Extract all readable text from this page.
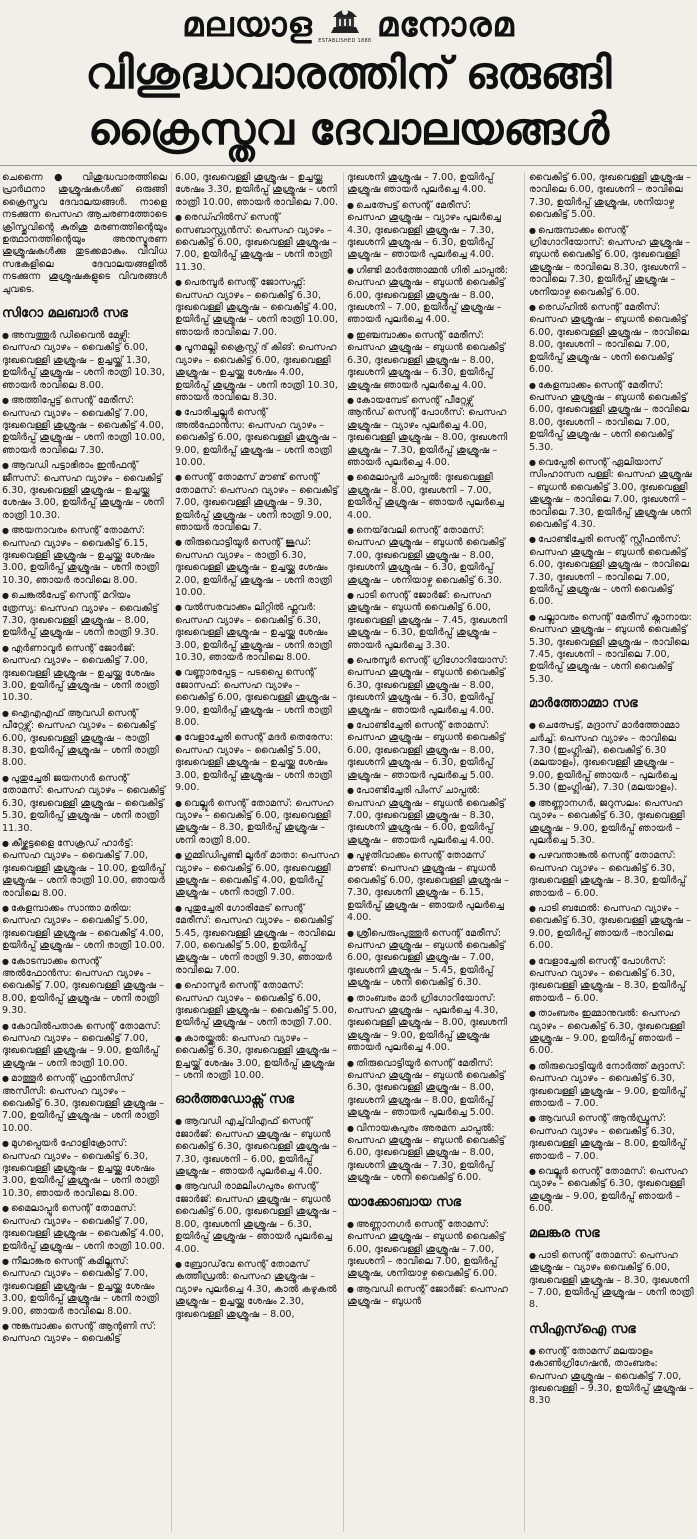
മലയാള ESTABLISHED 1888 മനോരമ
വിശുദ്ധവാരത്തിന് ഒരുങ്ങി
ക്രൈസ്തവ ദേവാലയങ്ങൾ
ചെന്നൈ ● വിശുദ്ധവാരത്തിലെ പ്രാർഥനാ ശുശ്രൂഷകൾക്ക് ഒരുങ്ങി ക്രൈസ്തവ ദേവാലയങ്ങൾ. നാളെ നടക്കുന്ന പെസഹ ആചരണത്തോടെ ക്രിസ്തുവിന്റെ കുരിശു മരണത്തിന്റെയും ഉത്ഥാനത്തിന്റെയും അനുസ്മരണ ശുശ്രൂഷകൾക്കു തുടക്കമാകും. വിവിധ സഭകളിലെ ദേവാലയങ്ങളിൽ നടക്കുന്ന ശുശ്രൂഷകളുടെ വിവരങ്ങൾ ചുവടെ.
സിറോ മലബാർ സഭ
● അമ്പത്തൂർ ഡിവൈൻ മേഴ്സി: പെസഹ വ്യാഴം – വൈകിട്ട് 6.00, ദുഃഖവെള്ളി ശുശ്രൂഷ – ഉച്ചയ്ക്ക് 1.30, ഉയിർപ്പ് ശുശ്രൂഷ – ശനി രാത്രി 10.30, ഞായർ രാവിലെ 8.00.
● അത്തിപ്പേട്ട് സെന്റ് മേരീസ്: പെസഹ വ്യാഴം – വൈകിട്ട് 7.00, ദുഃഖവെള്ളി ശുശ്രൂഷ – വൈകിട്ട് 4.00, ഉയിർപ്പ് ശുശ്രൂഷ – ശനി രാത്രി 10.00, ഞായർ രാവിലെ 7.30.
● ആവഡി പട്ടാഭിരാം ഇൻഫന്റ് ജീസസ്: പെസഹ വ്യാഴം – വൈകിട്ട് 6.30, ദുഃഖവെള്ളി ശുശ്രൂഷ – ഉച്ചയ്ക്കു ശേഷം 3.00, ഉയിർപ്പ് ശുശ്രൂഷ – ശനി രാത്രി 10.30.
● അയനാവരം സെന്റ് തോമസ്: പെസഹ വ്യാഴം – വൈകിട്ട് 6.15, ദുഃഖവെള്ളി ശുശ്രൂഷ – ഉച്ചയ്ക്കു ശേഷം 3.00, ഉയിർപ്പ് ശുശ്രൂഷ – ശനി രാത്രി 10.30, ഞായർ രാവിലെ 8.00.
● ചെങ്കൽപേട്ട് സെന്റ് മറിയം ത്രേസ്യ: പെസഹ വ്യാഴം – വൈകിട്ട് 7.30, ദുഃഖവെള്ളി ശുശ്രൂഷ – 8.00, ഉയിർപ്പ് ശുശ്രൂഷ – ശനി രാത്രി 9.30.
● എർണാവൂർ സെന്റ് ജോർജ്: പെസഹ വ്യാഴം – വൈകിട്ട് 7.00, ദുഃഖവെള്ളി ശുശ്രൂഷ – ഉച്ചയ്ക്കു ശേഷം 3.00, ഉയിർപ്പ് ശുശ്രൂഷ – ശനി രാത്രി 10.30.
● ഐഎഎഫ് ആവഡി സെന്റ് പീറ്റേഴ്സ്: പെസഹ വ്യാഴം – വൈകിട്ട് 6.00, ദുഃഖവെള്ളി ശുശ്രൂഷ – രാത്രി 8.30, ഉയിർപ്പ് ശുശ്രൂഷ – ശനി രാത്രി 8.00.
● പുതുച്ചേരി ജയനഗർ സെന്റ് തോമസ്: പെസഹ വ്യാഴം – വൈകിട്ട് 6.30, ദുഃഖവെള്ളി ശുശ്രൂഷ – വൈകിട്ട് 5.30, ഉയിർപ്പ് ശുശ്രൂഷ – ശനി രാത്രി 11.30.
● കീഴ്ക്കട്ടളൈ സേക്രഡ് ഹാർട്ട്: പെസഹ വ്യാഴം – വൈകിട്ട് 7.00, ദുഃഖവെള്ളി ശുശ്രൂഷ – 10.00, ഉയിർപ്പ് ശുശ്രൂഷ – ശനി രാത്രി 10.00, ഞായർ രാവിലെ 8.00.
● കേളമ്പാക്കം സാന്താ മരിയ: പെസഹ വ്യാഴം – വൈകിട്ട് 5.00, ദുഃഖവെള്ളി ശുശ്രൂഷ – വൈകിട്ട് 4.00, ഉയിർപ്പ് ശുശ്രൂഷ – ശനി രാത്രി 10.00.
● കോടമ്പാക്കം സെന്റ് അൽഫോൻസ: പെസഹ വ്യാഴം – വൈകിട്ട് 7.00, ദുഃഖവെള്ളി ശുശ്രൂഷ – 8.00, ഉയിർപ്പ് ശുശ്രൂഷ – ശനി രാത്രി 9.30.
● കോവിൽപതാക സെന്റ് തോമസ്: പെസഹ വ്യാഴം – വൈകിട്ട് 7.00, ദുഃഖവെള്ളി ശുശ്രൂഷ – 9.00, ഉയിർപ്പ് ശുശ്രൂഷ – ശനി രാത്രി 10.00.
● മാത്തൂർ സെന്റ് ഫ്രാൻസിസ് അസീസി: പെസഹ വ്യാഴം – വൈകിട്ട് 6.30, ദുഃഖവെള്ളി ശുശ്രൂഷ – 7.00, ഉയിർപ്പ് ശുശ്രൂഷ – ശനി രാത്രി 10.00.
● മുഗപ്പെയർ ഹോളിക്രോസ്: പെസഹ വ്യാഴം – വൈകിട്ട് 6.30, ദുഃഖവെള്ളി ശുശ്രൂഷ – ഉച്ചയ്ക്കു ശേഷം 3.00, ഉയിർപ്പ് ശുശ്രൂഷ – ശനി രാത്രി 10.30, ഞായർ രാവിലെ 8.00.
● മൈലാപ്പൂർ സെന്റ് തോമസ്: പെസഹ വ്യാഴം – വൈകിട്ട് 7.00, ദുഃഖവെള്ളി ശുശ്രൂഷ – വൈകിട്ട് 4.00, ഉയിർപ്പ് ശുശ്രൂഷ – ശനി രാത്രി 10.00.
● നീലാങ്കര സെന്റ് കമില്ലസ്: പെസഹ വ്യാഴം – വൈകിട്ട് 7.00, ദുഃഖവെള്ളി ശുശ്രൂഷ – ഉച്ചയ്ക്കു ശേഷം 3.00, ഉയിർപ്പ് ശുശ്രൂഷ – ശനി രാത്രി 9.00, ഞായർ രാവിലെ 8.00.
● നുങ്കമ്പാക്കം സെന്റ് ആന്റണി സ്: പെസഹ വ്യാഴം – വൈകിട്ട്
6.00, ദുഃഖവെള്ളി ശുശ്രൂഷ – ഉച്ചയ്ക്കു ശേഷം 3.30, ഉയിർപ്പ് ശുശ്രൂഷ – ശനി രാത്രി 10.00, ഞായർ രാവിലെ 7.00.
● രെഡ്ഹിൽസ് സെന്റ് സെബാസ്റ്റ്യൻസ്: പെസഹ വ്യാഴം – വൈകിട്ട് 6.00, ദുഃഖവെള്ളി ശുശ്രൂഷ – 7.00, ഉയിർപ്പ് ശുശ്രൂഷ – ശനി രാത്രി 11.30.
● പെരമ്പൂർ സെന്റ് ജോസഫ്സ്: പെസഹ വ്യാഴം – വൈകിട്ട് 6.30, ദുഃഖവെള്ളി ശുശ്രൂഷ – വൈകിട്ട് 4.00, ഉയിർപ്പ് ശുശ്രൂഷ – ശനി രാത്രി 10.00, ഞായർ രാവിലെ 7.00.
● പൂനമല്ലി ക്രൈസ്റ്റ് ദ് കിങ്: പെസഹ വ്യാഴം – വൈകിട്ട് 6.00, ദുഃഖവെള്ളി ശുശ്രൂഷ – ഉച്ചയ്ക്കു ശേഷം 4.00, ഉയിർപ്പ് ശുശ്രൂഷ – ശനി രാത്രി 10.30, ഞായർ രാവിലെ 8.30.
● പോരിച്ചല്ലൂർ സെന്റ് അൽഫോൻസ: പെസഹ വ്യാഴം – വൈകിട്ട് 6.00, ദുഃഖവെള്ളി ശുശ്രൂഷ – 9.00, ഉയിർപ്പ് ശുശ്രൂഷ – ശനി രാത്രി 10.00.
● സെന്റ് തോമസ് മൗണ്ട് സെന്റ് തോമസ്: പെസഹ വ്യാഴം – വൈകിട്ട് 7.00, ദുഃഖവെള്ളി ശുശ്രൂഷ – 9.30, ഉയിർപ്പ് ശുശ്രൂഷ – ശനി രാത്രി 9.00, ഞായർ രാവിലെ 7.
● തിരുവൊട്ടിയൂർ സെന്റ് ജൂഡ്: പെസഹ വ്യാഴം – രാത്രി 6.30, ദുഃഖവെള്ളി ശുശ്രൂഷ – ഉച്ചയ്ക്കു ശേഷം 2.00, ഉയിർപ്പ് ശുശ്രൂഷ – ശനി രാത്രി 10.00.
● വൽസരവാക്കം ലിറ്റിൽ ഫ്ലവർ: പെസഹ വ്യാഴം – വൈകിട്ട് 6.30, ദുഃഖവെള്ളി ശുശ്രൂഷ – ഉച്ചയ്ക്കു ശേഷം 3.00, ഉയിർപ്പ് ശുശ്രൂഷ – ശനി രാത്രി 10.30, ഞായർ രാവിലെ 8.00.
● വണ്ണാരപ്പേട്ട – പടപ്പൈ സെന്റ് ജോസഫ്: പെസഹ വ്യാഴം – വൈകിട്ട് 6.00, ദുഃഖവെള്ളി ശുശ്രൂഷ – 9.00, ഉയിർപ്പ് ശുശ്രൂഷ – ശനി രാത്രി 8.00.
● വേളാച്ചേരി സെന്റ് മദർ തെരേസ: പെസഹ വ്യാഴം – വൈകിട്ട് 5.00, ദുഃഖവെള്ളി ശുശ്രൂഷ – ഉച്ചയ്ക്കു ശേഷം 3.00, ഉയിർപ്പ് ശുശ്രൂഷ – ശനി രാത്രി 9.00.
● വെല്ലൂർ സെന്റ് തോമസ്: പെസഹ വ്യാഴം – വൈകിട്ട് 6.00, ദുഃഖവെള്ളി ശുശ്രൂഷ – 8.30, ഉയിർപ്പ് ശുശ്രൂഷ – ശനി രാത്രി 8.00.
● ഗുമ്മിഡിപൂണ്ടി ലൂർദ് മാതാ: പെസഹ വ്യാഴം – വൈകിട്ട് 6.00, ദുഃഖവെള്ളി ശുശ്രൂഷ – വൈകിട്ട് 4.00, ഉയിർപ്പ് ശുശ്രൂഷ – ശനി രാത്രി 7.00.
● പുതുച്ചേരി ഗോരിമേട് സെന്റ് മേരീസ്: പെസഹ വ്യാഴം – വൈകിട്ട് 5.45, ദുഃഖവെള്ളി ശുശ്രൂഷ – രാവിലെ 7.00, വൈകിട്ട് 5.00, ഉയിർപ്പ് ശുശ്രൂഷ – ശനി രാത്രി 9.30, ഞായർ രാവിലെ 7.00.
● ഹൊസൂർ സെന്റ് തോമസ്: പെസഹ വ്യാഴം – വൈകിട്ട് 6.00, ദുഃഖവെള്ളി ശുശ്രൂഷ – വൈകിട്ട് 5.00, ഉയിർപ്പ് ശുശ്രൂഷ – ശനി രാത്രി 7.00.
● കാരയ്ക്കൽ: പെസഹ വ്യാഴം – വൈകിട്ട് 6.30, ദുഃഖവെള്ളി ശുശ്രൂഷ – ഉച്ചയ്ക്ക് ശേഷം 3.00, ഉയിർപ്പ് ശുശ്രൂഷ – ശനി രാത്രി 10.00.
ഓർത്തഡോക്സ് സഭ
● ആവഡി എച്ച്‌വിഎഫ് സെന്റ് ജോർജ്: പെസഹ ശുശ്രൂഷ – ബുധൻ വൈകിട്ട് 6.30, ദുഃഖവെള്ളി ശുശ്രൂഷ – 7.30, ദുഃഖശനി – 6.00, ഉയിർപ്പ് ശുശ്രൂഷ – ഞായർ പുലർച്ചെ 4.00.
● ആവഡി രാമലിംഗപുരം സെന്റ് ജോർജ്: പെസഹ ശുശ്രൂഷ – ബുധൻ വൈകിട്ട് 6.00, ദുഃഖവെള്ളി ശുശ്രൂഷ – 8.00, ദുഃഖശനി ശുശ്രൂഷ – 6.30, ഉയിർപ്പ് ശുശ്രൂഷ – ഞായർ പുലർച്ചെ 4.00.
● ബ്രോഡ്‌വേ സെന്റ് തോമസ് കത്തീഡ്രൽ: പെസഹ ശുശ്രൂഷ – വ്യാഴം പുലർച്ചെ 4.30, കാൽ കഴുകൽ ശുശ്രൂഷ – ഉച്ചയ്ക്കു ശേഷം 2.30, ദുഃഖവെള്ളി ശുശ്രൂഷ – 8.00,
ദുഃഖശനി ശുശ്രൂഷ – 7.00, ഉയിർപ്പ് ശുശ്രൂഷ ഞായർ പുലർച്ചെ 4.00.
● ചെത്പേട്ട് സെന്റ് മേരീസ്: പെസഹ ശുശ്രൂഷ – വ്യാഴം പുലർച്ചെ 4.30, ദുഃഖവെള്ളി ശുശ്രൂഷ – 7.30, ദുഃഖശനി ശുശ്രൂഷ – 6.30, ഉയിർപ്പ് ശുശ്രൂഷ – ഞായർ പുലർച്ചെ 4.00.
● ഗിണ്ടി മാർത്തോമ്മൻ ഗിരി ചാപ്പൽ: പെസഹ ശുശ്രൂഷ – ബുധൻ വൈകിട്ട് 6.00, ദുഃഖവെള്ളി ശുശ്രൂഷ – 8.00, ദുഃഖശനി – 7.00, ഉയിർപ്പ് ശുശ്രൂഷ – ഞായർ പുലർച്ചെ 4.00.
● ഇഞ്ചമ്പാക്കം സെന്റ് മേരീസ്: പെസഹ ശുശ്രൂഷ – ബുധൻ വൈകിട്ട് 6.30, ദുഃഖവെള്ളി ശുശ്രൂഷ – 8.00, ദുഃഖശനി ശുശ്രൂഷ – 6.30, ഉയിർപ്പ് ശുശ്രൂഷ ഞായർ പുലർച്ചെ 4.00.
● കോയമ്പേട് സെന്റ് പീറ്റേഴ്സ് ആൻഡ് സെന്റ് പോൾസ്: പെസഹ ശുശ്രൂഷ – വ്യാഴം പുലർച്ചെ 4.00, ദുഃഖവെള്ളി ശുശ്രൂഷ – 8.00, ദുഃഖശനി ശുശ്രൂഷ – 7.30, ഉയിർപ്പ് ശുശ്രൂഷ – ഞായർ പുലർച്ചെ 4.00.
● മൈലാപ്പൂർ ചാപ്പൽ: ദുഃഖവെള്ളി ശുശ്രൂഷ – 8.00, ദുഃഖശനി – 7.00, ഉയിർപ്പ് ശുശ്രൂഷ – ഞായർ പുലർച്ചെ 4.00.
● നെയ്‌വേലി സെന്റ് തോമസ്: പെസഹ ശുശ്രൂഷ – ബുധൻ വൈകിട്ട് 7.00, ദുഃഖവെള്ളി ശുശ്രൂഷ – 8.00, ദുഃഖശനി ശുശ്രൂഷ – 6.30, ഉയിർപ്പ് ശുശ്രൂഷ – ശനിയാഴ്ച വൈകിട്ട് 6.30.
● പാടി സെന്റ് ജോർജ്: പെസഹ ശുശ്രൂഷ – ബുധൻ വൈകിട്ട് 6.00, ദുഃഖവെള്ളി ശുശ്രൂഷ – 7.45, ദുഃഖശനി ശുശ്രൂഷ – 6.30, ഉയിർപ്പ് ശുശ്രൂഷ – ഞായർ പുലർച്ചെ 3.30.
● പെരമ്പൂർ സെന്റ് ഗ്രിഗോറിയോസ്: പെസഹ ശുശ്രൂഷ – ബുധൻ വൈകിട്ട് 6.30, ദുഃഖവെള്ളി ശുശ്രൂഷ – 8.00, ദുഃഖശനി ശുശ്രൂഷ – 6.30, ഉയിർപ്പ് ശുശ്രൂഷ – ഞായർ പുലർച്ചെ 4.00.
● പോണ്ടിച്ചേരി സെന്റ് തോമസ്: പെസഹ ശുശ്രൂഷ – ബുധൻ വൈകിട്ട് 6.00, ദുഃഖവെള്ളി ശുശ്രൂഷ – 8.00, ദുഃഖശനി ശുശ്രൂഷ – 6.30, ഉയിർപ്പ് ശുശ്രൂഷ – ഞായർ പുലർച്ചെ 5.00.
● പോണ്ടിച്ചേരി പിംസ് ചാപ്പൽ: പെസഹ ശുശ്രൂഷ – ബുധൻ വൈകിട്ട് 7.00, ദുഃഖവെള്ളി ശുശ്രൂഷ – 8.30, ദുഃഖശനി ശുശ്രൂഷ – 6.00, ഉയിർപ്പ് ശുശ്രൂഷ – ഞായർ പുലർച്ചെ 4.00.
● പൂഴുതിവാക്കം സെന്റ് തോമസ് മൗണ്ട്: പെസഹ ശുശ്രൂഷ – ബുധൻ വൈകിട്ട് 6.00, ദുഃഖവെള്ളി ശുശ്രൂഷ – 7.30, ദുഃഖശനി ശുശ്രൂഷ – 6.15, ഉയിർപ്പ് ശുശ്രൂഷ – ഞായർ പുലർച്ചെ 4.00.
● ശ്രീപെരുംപുത്തൂർ സെന്റ് മേരീസ്: പെസഹ ശുശ്രൂഷ – ബുധൻ വൈകിട്ട് 6.00, ദുഃഖവെള്ളി ശുശ്രൂഷ – 7.00, ദുഃഖശനി ശുശ്രൂഷ – 5.45, ഉയിർപ്പ് ശുശ്രൂഷ – ശനി വൈകിട്ട് 6.30.
● താംബരം മാർ ഗ്രിഗോറിയോസ്: പെസഹ ശുശ്രൂഷ – പുലർച്ചെ 4.30, ദുഃഖവെള്ളി ശുശ്രൂഷ – 8.00, ദുഃഖശനി ശുശ്രൂഷ – 9.00, ഉയിർപ്പ് ശുശ്രൂഷ ഞായർ പുലർച്ചെ 4.00.
● തിരുവൊട്ടിയൂർ സെന്റ് മേരീസ്: പെസഹ ശുശ്രൂഷ – ബുധൻ വൈകിട്ട് 6.30, ദുഃഖവെള്ളി ശുശ്രൂഷ – 8.00, ദുഃഖശനി ശുശ്രൂഷ – 8.00, ഉയിർപ്പ് ശുശ്രൂഷ – ഞായർ പുലർച്ചെ 5.00.
● വിനായകപുരം അരമന ചാപ്പൽ: പെസഹ ശുശ്രൂഷ – ബുധൻ വൈകിട്ട് 6.00, ദുഃഖവെള്ളി ശുശ്രൂഷ – 8.00, ദുഃഖശനി ശുശ്രൂഷ – 7.30, ഉയിർപ്പ് ശുശ്രൂഷ – ശനി വൈകിട്ട് 6.00.
യാക്കോബായ സഭ
● അണ്ണാനഗർ സെന്റ് തോമസ്: പെസഹ ശുശ്രൂഷ – ബുധൻ വൈകിട്ട് 6.00, ദുഃഖവെള്ളി ശുശ്രൂഷ – 7.00, ദുഃഖശനി – രാവിലെ 7.00, ഉയിർപ്പ് ശുശ്രൂഷ, ശനിയാഴ്ച വൈകിട്ട് 6.00.
● ആവഡി സെന്റ് ജോർജ്: പെസഹ ശുശ്രൂഷ – ബുധൻ
വൈകിട്ട് 6.00, ദുഃഖവെള്ളി ശുശ്രൂഷ – രാവിലെ 6.00, ദുഃഖശനി – രാവിലെ 7.30, ഉയിർപ്പ് ശുശ്രൂഷ, ശനിയാഴ്ച വൈകിട്ട് 5.00.
● പെരുമ്പാക്കം സെന്റ് ഗ്രിഗോറിയോസ്: പെസഹ ശുശ്രൂഷ – ബുധൻ വൈകിട്ട് 6.00, ദുഃഖവെള്ളി ശുശ്രൂഷ – രാവിലെ 8.30, ദുഃഖശനി – രാവിലെ 7.30, ഉയിർപ്പ് ശുശ്രൂഷ – ശനിയാഴ്ച വൈകിട്ട് 6.00.
● രെഡ്ഹിൽ സെന്റ് മേരീസ്: പെസഹ ശുശ്രൂഷ – ബുധൻ വൈകിട്ട് 6.00, ദുഃഖവെള്ളി ശുശ്രൂഷ – രാവിലെ 8.00, ദുഃഖശനി – രാവിലെ 7.00, ഉയിർപ്പ് ശുശ്രൂഷ – ശനി വൈകിട്ട് 6.00.
● കേളമ്പാക്കം സെന്റ് മേരീസ്: പെസഹ ശുശ്രൂഷ – ബുധൻ വൈകിട്ട് 6.00, ദുഃഖവെള്ളി ശുശ്രൂഷ – രാവിലെ 8.00, ദുഃഖശനി – രാവിലെ 7.00, ഉയിർപ്പ് ശുശ്രൂഷ – ശനി വൈകിട്ട് 5.30.
● വെപ്പേരി സെന്റ് ഏലിയാസ് സിംഹാസന പള്ളി: പെസഹ ശുശ്രൂഷ – ബുധൻ വൈകിട്ട് 3.00, ദുഃഖവെള്ളി ശുശ്രൂഷ – രാവിലെ 7.00, ദുഃഖശനി – രാവിലെ 7.30, ഉയിർപ്പ് ശുശ്രൂഷ ശനി വൈകിട്ട് 4.30.
● പോണ്ടിച്ചേരി സെന്റ് സ്റ്റീഫൻസ്: പെസഹ ശുശ്രൂഷ – ബുധൻ വൈകിട്ട് 6.00, ദുഃഖവെള്ളി ശുശ്രൂഷ – രാവിലെ 7.30, ദുഃഖശനി – രാവിലെ 7.00, ഉയിർപ്പ് ശുശ്രൂഷ – ശനി വൈകിട്ട് 6.00.
● പല്ലാവരം സെന്റ് മേരീസ് ക്നാനായ: പെസഹ ശുശ്രൂഷ – ബുധൻ വൈകിട്ട് 5.30, ദുഃഖവെള്ളി ശുശ്രൂഷ – രാവിലെ 7.45, ദുഃഖശനി – രാവിലെ 7.00, ഉയിർപ്പ് ശുശ്രൂഷ – ശനി വൈകിട്ട് 5.30.
മാർത്തോമ്മാ സഭ
● ചെത്പേട്ട്, മദ്രാസ് മാർത്തോമ്മാ ചർച്ച്: പെസഹ വ്യാഴം – രാവിലെ 7.30 (ഇംഗ്ലിഷ്), വൈകിട്ട് 6.30 (മലയാളം), ദുഃഖവെള്ളി ശുശ്രൂഷ – 9.00, ഉയിർപ്പ് ഞായർ – പുലർച്ചെ 5.30 (ഇംഗ്ലിഷ്), 7.30 (മലയാളം).
● അണ്ണാനഗർ, ജറുസലം: പെസഹ വ്യാഴം – വൈകിട്ട് 6.30, ദുഃഖവെള്ളി ശുശ്രൂഷ – 9.00, ഉയിർപ്പ് ഞായർ – പുലർച്ചെ 5.30.
● പഴവന്താങ്കൽ സെന്റ് തോമസ്: പെസഹ വ്യാഴം – വൈകിട്ട് 6.30, ദുഃഖവെള്ളി ശുശ്രൂഷ – 8.30, ഉയിർപ്പ് ഞായർ – 6.00.
● പാടി ബഥേൽ: പെസഹ വ്യാഴം – വൈകിട്ട് 6.30, ദുഃഖവെള്ളി ശുശ്രൂഷ – 9.00, ഉയിർപ്പ് ഞായർ –രാവിലെ 6.00.
● വേളാച്ചേരി സെന്റ് പോൾസ്: പെസഹ വ്യാഴം – വൈകിട്ട് 6.30, ദുഃഖവെള്ളി ശുശ്രൂഷ – 8.30, ഉയിർപ്പ് ഞായർ – 6.00.
● താംബരം ഇമ്മാനുവൽ: പെസഹ വ്യാഴം – വൈകിട്ട് 6.30, ദുഃഖവെള്ളി ശുശ്രൂഷ – 9.00, ഉയിർപ്പ് ഞായർ – 6.00.
● തിരുവൊട്ടിയൂർ നോർത്ത് മദ്രാസ്: പെസഹ വ്യാഴം – വൈകിട്ട് 6.30, ദുഃഖവെള്ളി ശുശ്രൂഷ – 9.00, ഉയിർപ്പ് ഞായർ – 7.00.
● ആവഡി സെന്റ് ആൻഡ്രൂസ്: പെസഹ വ്യാഴം – വൈകിട്ട് 6.30, ദുഃഖവെള്ളി ശുശ്രൂഷ – 8.00, ഉയിർപ്പ് ഞായർ – 7.00.
● വെല്ലൂർ സെന്റ് തോമസ്: പെസഹ വ്യാഴം – വൈകിട്ട് 6.30, ദുഃഖവെള്ളി ശുശ്രൂഷ – 9.00, ഉയിർപ്പ് ഞായർ – 6.00.
മലങ്കര സഭ
● പാടി സെന്റ് തോമസ്: പെസഹ ശുശ്രൂഷ – വ്യാഴം വൈകിട്ട് 6.00, ദുഃഖവെള്ളി ശുശ്രൂഷ – 8.30, ദുഃഖശനി – 7.00, ഉയിർപ്പ് ശുശ്രൂഷ – ശനി രാത്രി 8.
സിഎസ്ഐ സഭ
● സെന്റ് തോമസ് മലയാളം കോൺഗ്രിഗേഷൻ, താംബരം: പെസഹ ശുശ്രൂഷ – വൈകിട്ട് 7.00, ദുഃഖവെള്ളി – 9.30, ഉയിർപ്പ് ശുശ്രൂഷ – 8.30
